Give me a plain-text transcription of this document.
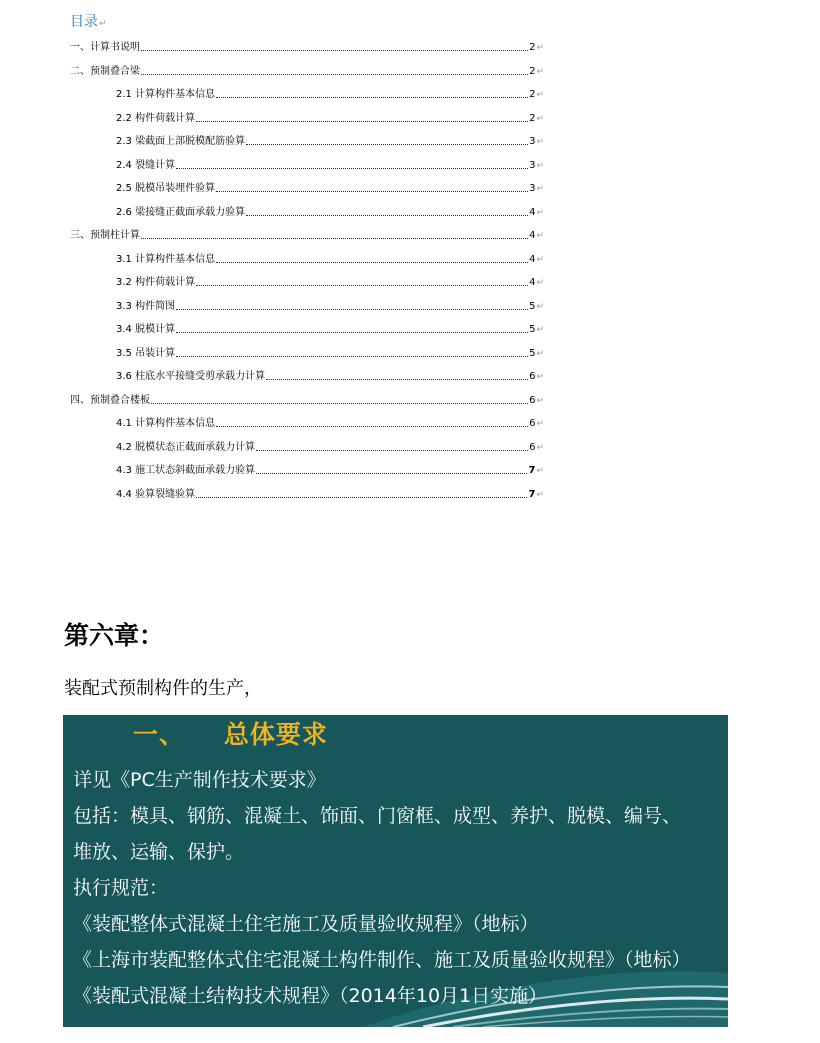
目录↵
一、计算书说明	2 ↵
二、预制叠合梁	2 ↵
2.1 计算构件基本信息	2 ↵
2.2 构件荷载计算	2 ↵
2.3 梁截面上部脱模配筋验算	3 ↵
2.4 裂缝计算	3 ↵
2.5 脱模吊装埋件验算	3 ↵
2.6 梁接缝正截面承载力验算	4 ↵
三、预制柱计算	4 ↵
3.1 计算构件基本信息	4 ↵
3.2 构件荷载计算	4 ↵
3.3 构件简图	5 ↵
3.4 脱模计算	5 ↵
3.5 吊装计算	5 ↵
3.6 柱底水平接缝受剪承载力计算	6 ↵
四、预制叠合楼板	6 ↵
4.1 计算构件基本信息	6 ↵
4.2 脱模状态正截面承载力计算	6 ↵
4.3 施工状态斜截面承载力验算	7 ↵
4.4 验算裂缝验算	7 ↵
第六章：
装配式预制构件的生产，
一、    总体要求
详见《PC生产制作技术要求》
包括：模具、钢筋、混凝土、饰面、门窗框、成型、养护、脱模、编号、
堆放、运输、保护。
执行规范：
《装配整体式混凝土住宅施工及质量验收规程》（地标）
《上海市装配整体式住宅混凝土构件制作、施工及质量验收规程》（地标）
《装配式混凝土结构技术规程》（2014年10月1日实施）
